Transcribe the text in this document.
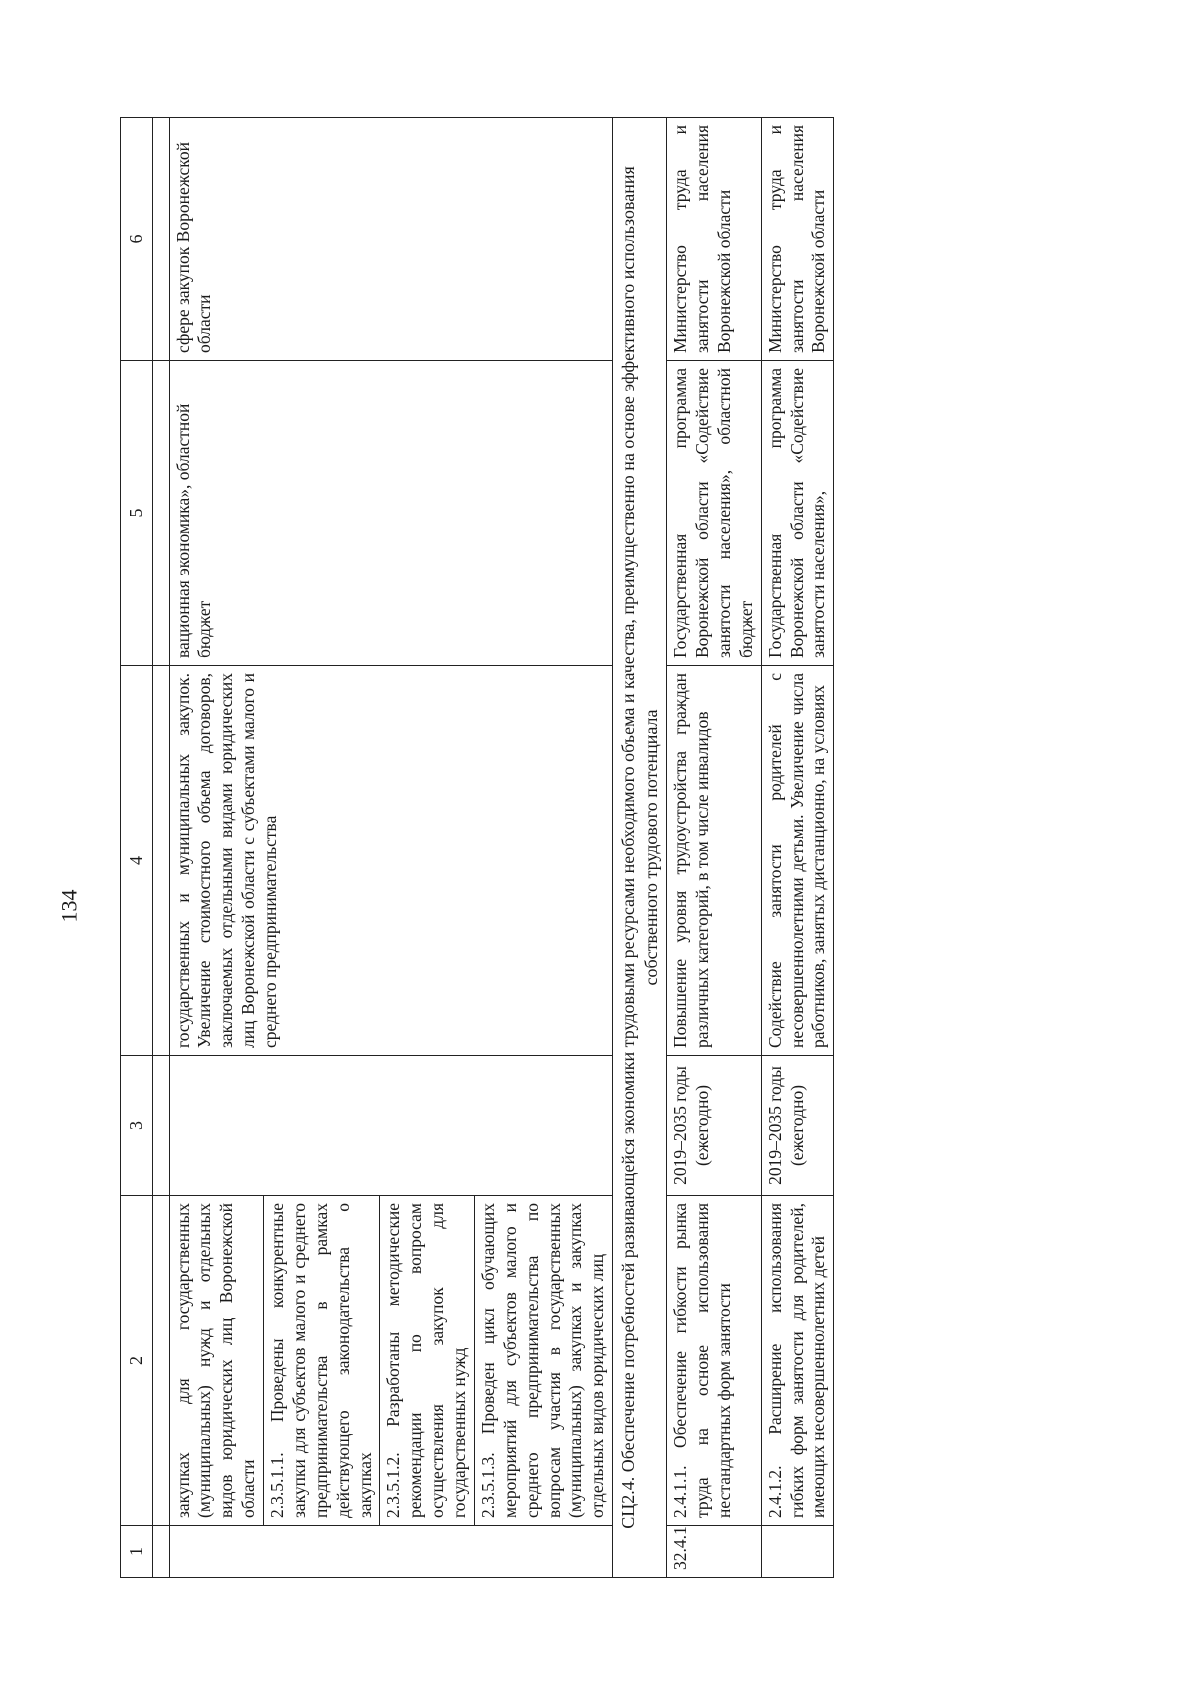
134
1	2	3	4	5	6

	закупках для государственных (муниципальных) нужд и отдельных видов юридических лиц Воронежской области		государственных и муниципальных закупок. Увеличение стоимостного объема договоров, заключаемых отдельными видами юридических лиц Воронежской области с субъектами малого и среднего предпринимательства	вационная экономика», областной бюджет	сфере закупок Воронежской области
	2.3.5.1.1. Проведены конкурентные закупки для субъектов малого и среднего предпринимательства в рамках действующего законодательства о закупках				
	2.3.5.1.2. Разработаны методические рекомендации по вопросам осуществления закупок для государственных нужд				
	2.3.5.1.3. Проведен цикл обучающих мероприятий для субъектов малого и среднего предпринимательства по вопросам участия в государственных (муниципальных) закупках и закупках отдельных видов юридических лиц				
СЦ2.4. Обеспечение потребностей развивающейся экономики трудовыми ресурсами необходимого объема и качества, преимущественно на основе эффективного использования собственного трудового потенциала					
32.4.1	2.4.1.1. Обеспечение гибкости рынка труда на основе использования нестандартных форм занятости	2019–2035 годы (ежегодно)	Повышение уровня трудоустройства граждан различных категорий, в том числе инвалидов	Государственная программа Воронежской области «Содействие занятости населения», областной бюджет	Министерство труда и занятости населения Воронежской области
	2.4.1.2. Расширение использования гибких форм занятости для родителей, имеющих несовершеннолетних детей	2019–2035 годы (ежегодно)	Содействие занятости родителей с несовершеннолетними детьми. Увеличение числа работников, занятых дистанционно, на условиях	Государственная программа Воронежской области «Содействие занятости населения»,	Министерство труда и занятости населения Воронежской области
